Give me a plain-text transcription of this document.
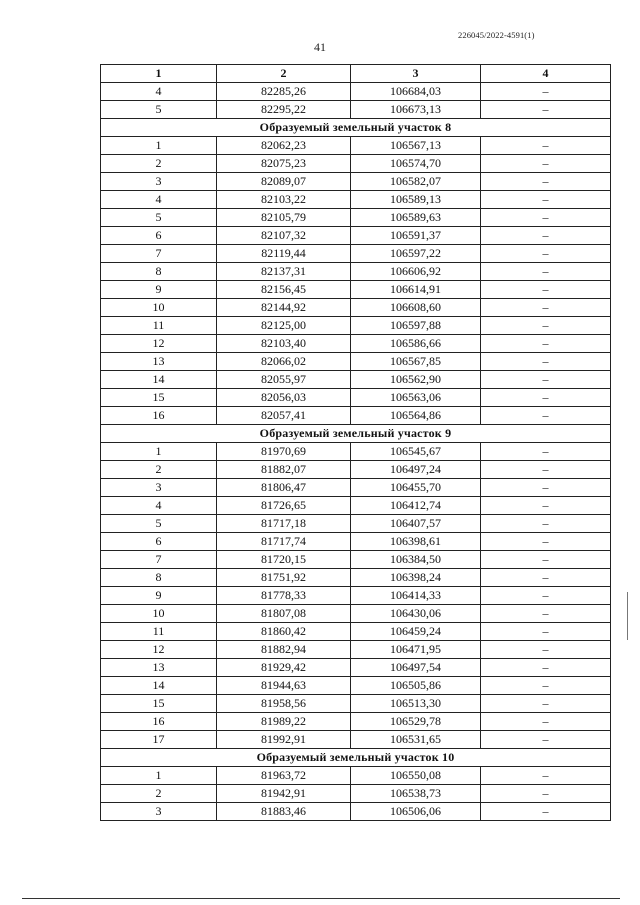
226045/2022-4591(1)
41
1	2	3	4
4	82285,26	106684,03	–
5	82295,22	106673,13	–
Образуемый земельный участок 8			
1	82062,23	106567,13	–
2	82075,23	106574,70	–
3	82089,07	106582,07	–
4	82103,22	106589,13	–
5	82105,79	106589,63	–
6	82107,32	106591,37	–
7	82119,44	106597,22	–
8	82137,31	106606,92	–
9	82156,45	106614,91	–
10	82144,92	106608,60	–
11	82125,00	106597,88	–
12	82103,40	106586,66	–
13	82066,02	106567,85	–
14	82055,97	106562,90	–
15	82056,03	106563,06	–
16	82057,41	106564,86	–
Образуемый земельный участок 9			
1	81970,69	106545,67	–
2	81882,07	106497,24	–
3	81806,47	106455,70	–
4	81726,65	106412,74	–
5	81717,18	106407,57	–
6	81717,74	106398,61	–
7	81720,15	106384,50	–
8	81751,92	106398,24	–
9	81778,33	106414,33	–
10	81807,08	106430,06	–
11	81860,42	106459,24	–
12	81882,94	106471,95	–
13	81929,42	106497,54	–
14	81944,63	106505,86	–
15	81958,56	106513,30	–
16	81989,22	106529,78	–
17	81992,91	106531,65	–
Образуемый земельный участок 10			
1	81963,72	106550,08	–
2	81942,91	106538,73	–
3	81883,46	106506,06	–
